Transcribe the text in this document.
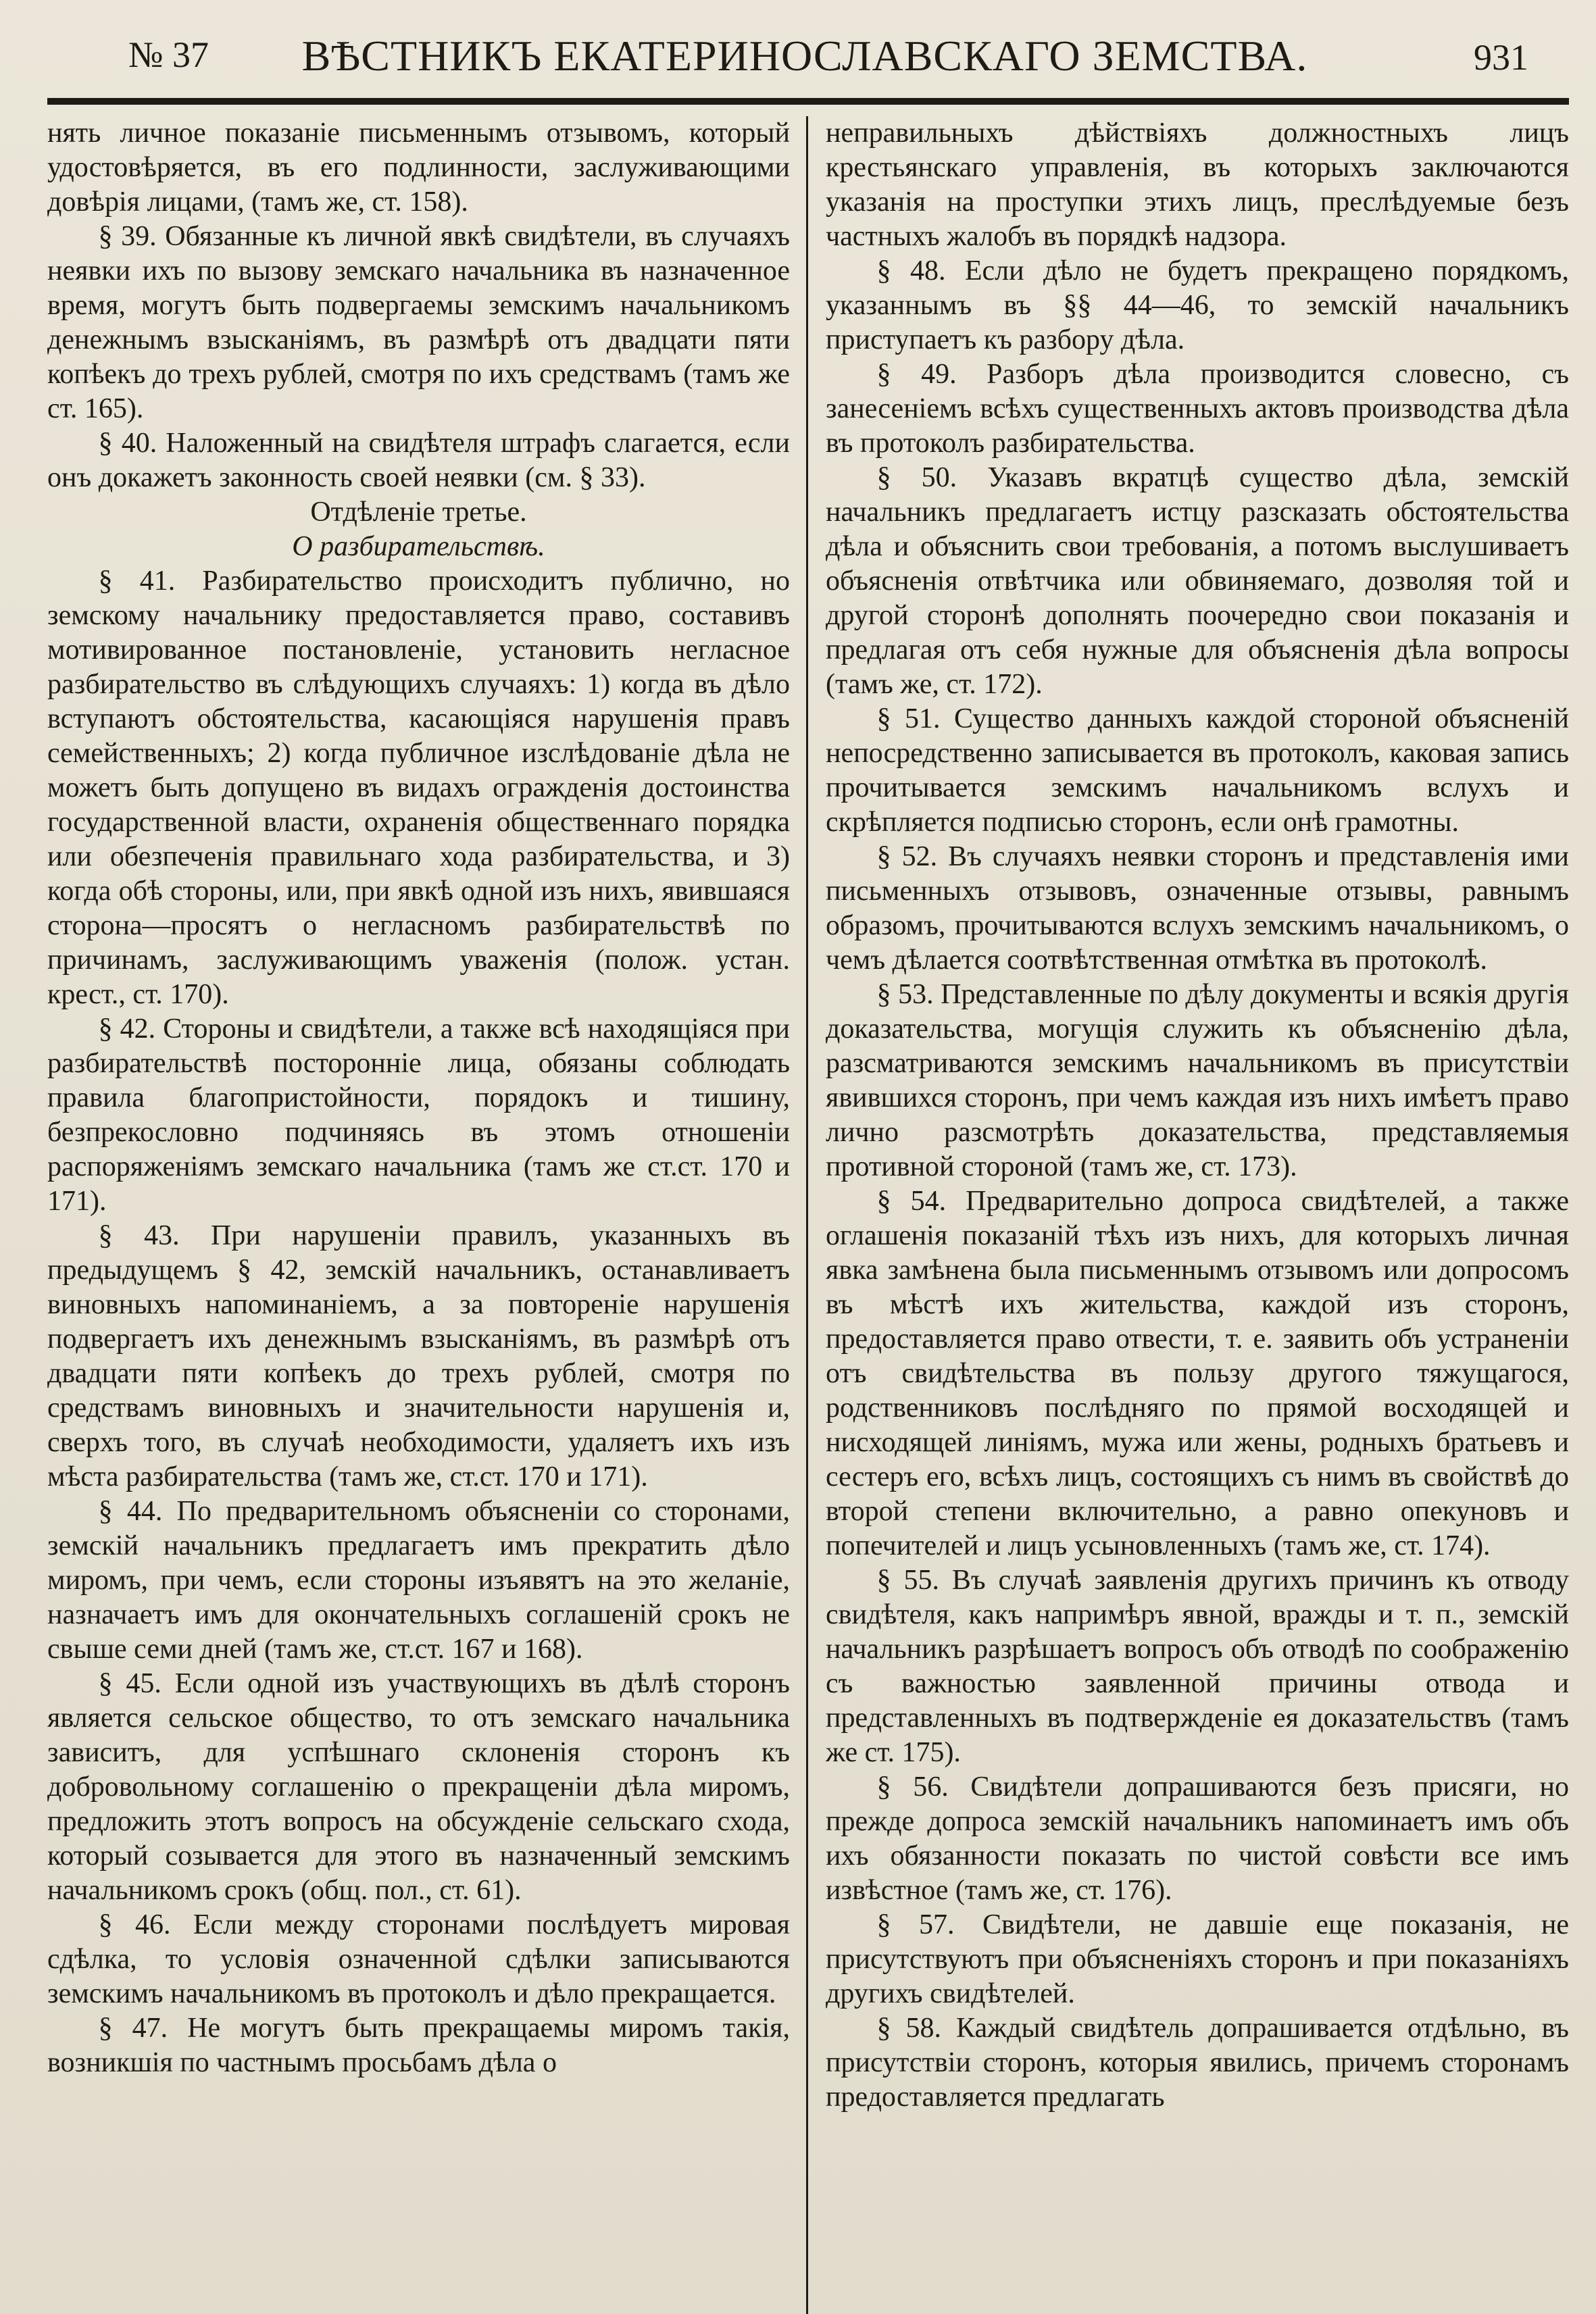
№ 37	ВѢСТНИКЪ ЕКАТЕРИНОСЛАВСКАГО ЗЕМСТВА.	931

нять личное показаніе письменнымъ отзывомъ, который удостовѣряется, въ его подлинности, заслуживающими довѣрія лицами, (тамъ же, ст. 158).

§ 39. Обязанные къ личной явкѣ свидѣтели, въ случаяхъ неявки ихъ по вызову земскаго начальника въ назначенное время, могутъ быть подвергаемы земскимъ начальникомъ денежнымъ взысканіямъ, въ размѣрѣ отъ двадцати пяти копѣекъ до трехъ рублей, смотря по ихъ средствамъ (тамъ же ст. 165).

§ 40. Наложенный на свидѣтеля штрафъ слагается, если онъ докажетъ законность своей неявки (см. § 33).

Отдѣленіе третье.

О разбирательствѣ.

§ 41. Разбирательство происходитъ публично, но земскому начальнику предоставляется право, составивъ мотивированное постановленіе, установить негласное разбирательство въ слѣдующихъ случаяхъ: 1) когда въ дѣло вступаютъ обстоятельства, касающіяся нарушенія правъ семейственныхъ; 2) когда публичное изслѣдованіе дѣла не можетъ быть допущено въ видахъ огражденія достоинства государственной власти, охраненія общественнаго порядка или обезпеченія правильнаго хода разбирательства, и 3) когда обѣ стороны, или, при явкѣ одной изъ нихъ, явившаяся сторона—просятъ о негласномъ разбирательствѣ по причинамъ, заслуживающимъ уваженія (полож. устан. крест., ст. 170).

§ 42. Стороны и свидѣтели, а также всѣ находящіяся при разбирательствѣ посторонніе лица, обязаны соблюдать правила благопристойности, порядокъ и тишину, безпрекословно подчиняясь въ этомъ отношеніи распоряженіямъ земскаго начальника (тамъ же ст.ст. 170 и 171).

§ 43. При нарушеніи правилъ, указанныхъ въ предыдущемъ § 42, земскій начальникъ, останавливаетъ виновныхъ напоминаніемъ, а за повтореніе нарушенія подвергаетъ ихъ денежнымъ взысканіямъ, въ размѣрѣ отъ двадцати пяти копѣекъ до трехъ рублей, смотря по средствамъ виновныхъ и значительности нарушенія и, сверхъ того, въ случаѣ необходимости, удаляетъ ихъ изъ мѣста разбирательства (тамъ же, ст.ст. 170 и 171).

§ 44. По предварительномъ объясненіи со сторонами, земскій начальникъ предлагаетъ имъ прекратить дѣло миромъ, при чемъ, если стороны изъявятъ на это желаніе, назначаетъ имъ для окончательныхъ соглашеній срокъ не свыше семи дней (тамъ же, ст.ст. 167 и 168).

§ 45. Если одной изъ участвующихъ въ дѣлѣ сторонъ является сельское общество, то отъ земскаго начальника зависитъ, для успѣшнаго склоненія сторонъ къ добровольному соглашенію о прекращеніи дѣла миромъ, предложить этотъ вопросъ на обсужденіе сельскаго схода, который созывается для этого въ назначенный земскимъ начальникомъ срокъ (общ. пол., ст. 61).

§ 46. Если между сторонами послѣдуетъ мировая сдѣлка, то условія означенной сдѣлки записываются земскимъ начальникомъ въ протоколъ и дѣло прекращается.

§ 47. Не могутъ быть прекращаемы миромъ такія, возникшія по частнымъ просьбамъ дѣла о

неправильныхъ дѣйствіяхъ должностныхъ лицъ крестьянскаго управленія, въ которыхъ заключаются указанія на проступки этихъ лицъ, преслѣдуемые безъ частныхъ жалобъ въ порядкѣ надзора.

§ 48. Если дѣло не будетъ прекращено порядкомъ, указаннымъ въ §§ 44—46, то земскій начальникъ приступаетъ къ разбору дѣла.

§ 49. Разборъ дѣла производится словесно, съ занесеніемъ всѣхъ существенныхъ актовъ производства дѣла въ протоколъ разбирательства.

§ 50. Указавъ вкратцѣ существо дѣла, земскій начальникъ предлагаетъ истцу разсказать обстоятельства дѣла и объяснить свои требованія, а потомъ выслушиваетъ объясненія отвѣтчика или обвиняемаго, дозволяя той и другой сторонѣ дополнять поочередно свои показанія и предлагая отъ себя нужные для объясненія дѣла вопросы (тамъ же, ст. 172).

§ 51. Существо данныхъ каждой стороной объясненій непосредственно записывается въ протоколъ, каковая запись прочитывается земскимъ начальникомъ вслухъ и скрѣпляется подписью сторонъ, если онѣ грамотны.

§ 52. Въ случаяхъ неявки сторонъ и представленія ими письменныхъ отзывовъ, означенные отзывы, равнымъ образомъ, прочитываются вслухъ земскимъ начальникомъ, о чемъ дѣлается соотвѣтственная отмѣтка въ протоколѣ.

§ 53. Представленные по дѣлу документы и всякія другія доказательства, могущія служить къ объясненію дѣла, разсматриваются земскимъ начальникомъ въ присутствіи явившихся сторонъ, при чемъ каждая изъ нихъ имѣетъ право лично разсмотрѣть доказательства, представляемыя противной стороной (тамъ же, ст. 173).

§ 54. Предварительно допроса свидѣтелей, а также оглашенія показаній тѣхъ изъ нихъ, для которыхъ личная явка замѣнена была письменнымъ отзывомъ или допросомъ въ мѣстѣ ихъ жительства, каждой изъ сторонъ, предоставляется право отвести, т. е. заявить объ устраненіи отъ свидѣтельства въ пользу другого тяжущагося, родственниковъ послѣдняго по прямой восходящей и нисходящей линіямъ, мужа или жены, родныхъ братьевъ и сестеръ его, всѣхъ лицъ, состоящихъ съ нимъ въ свойствѣ до второй степени включительно, а равно опекуновъ и попечителей и лицъ усыновленныхъ (тамъ же, ст. 174).

§ 55. Въ случаѣ заявленія другихъ причинъ къ отводу свидѣтеля, какъ напримѣръ явной, вражды и т. п., земскій начальникъ разрѣшаетъ вопросъ объ отводѣ по соображенію съ важностью заявленной причины отвода и представленныхъ въ подтвержденіе ея доказательствъ (тамъ же ст. 175).

§ 56. Свидѣтели допрашиваются безъ присяги, но прежде допроса земскій начальникъ напоминаетъ имъ объ ихъ обязанности показать по чистой совѣсти все имъ извѣстное (тамъ же, ст. 176).

§ 57. Свидѣтели, не давшіе еще показанія, не присутствуютъ при объясненіяхъ сторонъ и при показаніяхъ другихъ свидѣтелей.

§ 58. Каждый свидѣтель допрашивается отдѣльно, въ присутствіи сторонъ, которыя явились, причемъ сторонамъ предоставляется предлагать
